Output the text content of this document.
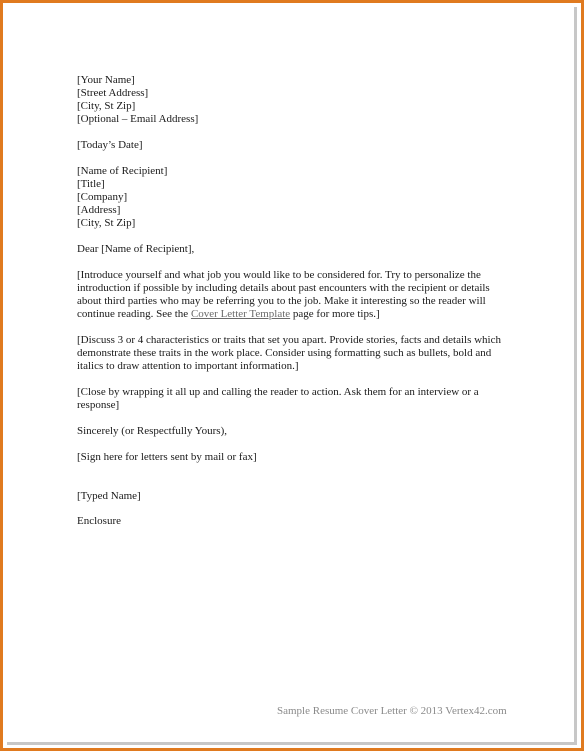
[Your Name]
[Street Address]
[City, St Zip]
[Optional – Email Address]
[Today’s Date]
[Name of Recipient]
[Title]
[Company]
[Address]
[City, St Zip]
Dear [Name of Recipient],
[Introduce yourself and what job you would like to be considered for. Try to personalize the
introduction if possible by including details about past encounters with the recipient or details
about third parties who may be referring you to the job. Make it interesting so the reader will
continue reading. See the Cover Letter Template page for more tips.]
[Discuss 3 or 4 characteristics or traits that set you apart. Provide stories, facts and details which
demonstrate these traits in the work place. Consider using formatting such as bullets, bold and
italics to draw attention to important information.]
[Close by wrapping it all up and calling the reader to action. Ask them for an interview or a
response]
Sincerely (or Respectfully Yours),
[Sign here for letters sent by mail or fax]
[Typed Name]
Enclosure
Sample Resume Cover Letter © 2013 Vertex42.com
